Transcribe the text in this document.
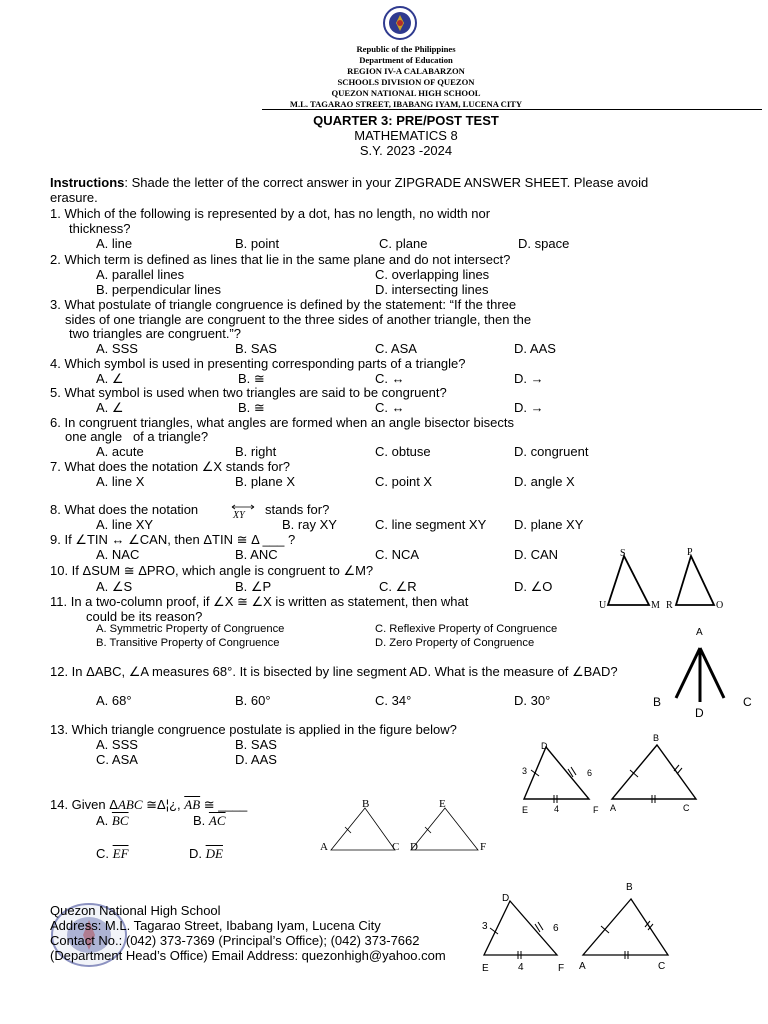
Republic of the Philippines
Department of Education
REGION IV-A CALABARZON
SCHOOLS DIVISION OF QUEZON
QUEZON NATIONAL HIGH SCHOOL
M.L. TAGARAO STREET, IBABANG IYAM, LUCENA CITY
QUARTER 3: PRE/POST TEST
MATHEMATICS 8
S.Y. 2023 -2024
Instructions: Shade the letter of the correct answer in your ZIPGRADE ANSWER SHEET. Please avoid
erasure.
1. Which of the following is represented by a dot, has no length, no width nor
thickness?
A. line	B. point	C. plane	D. space
2. Which term is defined as lines that lie in the same plane and do not intersect?
A. parallel lines	C. overlapping lines
B. perpendicular lines	D. intersecting lines
3. What postulate of triangle congruence is defined by the statement: “If the three
sides of one triangle are congruent to the three sides of another triangle, then the
two triangles are congruent.”?
A. SSS	B. SAS	C. ASA	D. AAS
4. Which symbol is used in presenting corresponding parts of a triangle?
A. ∠	B. ≅	C. ↔	D. →
5. What symbol is used when two triangles are said to be congruent?
A. ∠	B. ≅	C. ↔	D. →
6. In congruent triangles, what angles are formed when an angle bisector bisects
one angle   of a triangle?
A. acute	B. right	C. obtuse	D. congruent
7. What does the notation ∠X stands for?
A. line X	B. plane X	C. point X	D. angle X
8. What does the notation	XY stands for?
A. line XY	B. ray XY	C. line segment XY D. plane XY
9. If ∠TIN ↔ ∠CAN, then ΔTIN ≅ Δ ___ ?
A. NAC	B. ANC	C. NCA	D. CAN
10. If ΔSUM ≅ ΔPRO, which angle is congruent to ∠M?
A. ∠S	B. ∠P	C. ∠R	D. ∠O
S
U	M
P
R	O
11. In a two-column proof, if ∠X ≅ ∠X is written as statement, then what
could be its reason?
A. Symmetric Property of Congruence	C. Reflexive Property of Congruence
B. Transitive Property of Congruence	D. Zero Property of Congruence
12. In ΔABC, ∠A measures 68°. It is bisected by line segment AD. What is the measure of ∠BAD?
A. 68°	B. 60°	C. 34°	D. 30°
A
B	C
D
13. Which triangle congruence postulate is applied in the figure below?
A. SSS	B. SAS
C. ASA	D. AAS
D
E	F
3	6
4
B
A	C
14. Given ΔABC ≅Δ¦¿, $\overline{AB}$ ≅ ____
A. $\overline{BC}$	B. $\overline{AC}$
C. $\overline{EF}$	D. $\overline{DE}$
B
A	C
E
D	F
Quezon National High School
Address: M.L. Tagarao Street, Ibabang Iyam, Lucena City
Contact No.: (042) 373-7369 (Principal’s Office); (042) 373-7662
(Department Head’s Office) Email Address: quezonhigh@yahoo.com
D
E	F
3	6
4
B
A	C
